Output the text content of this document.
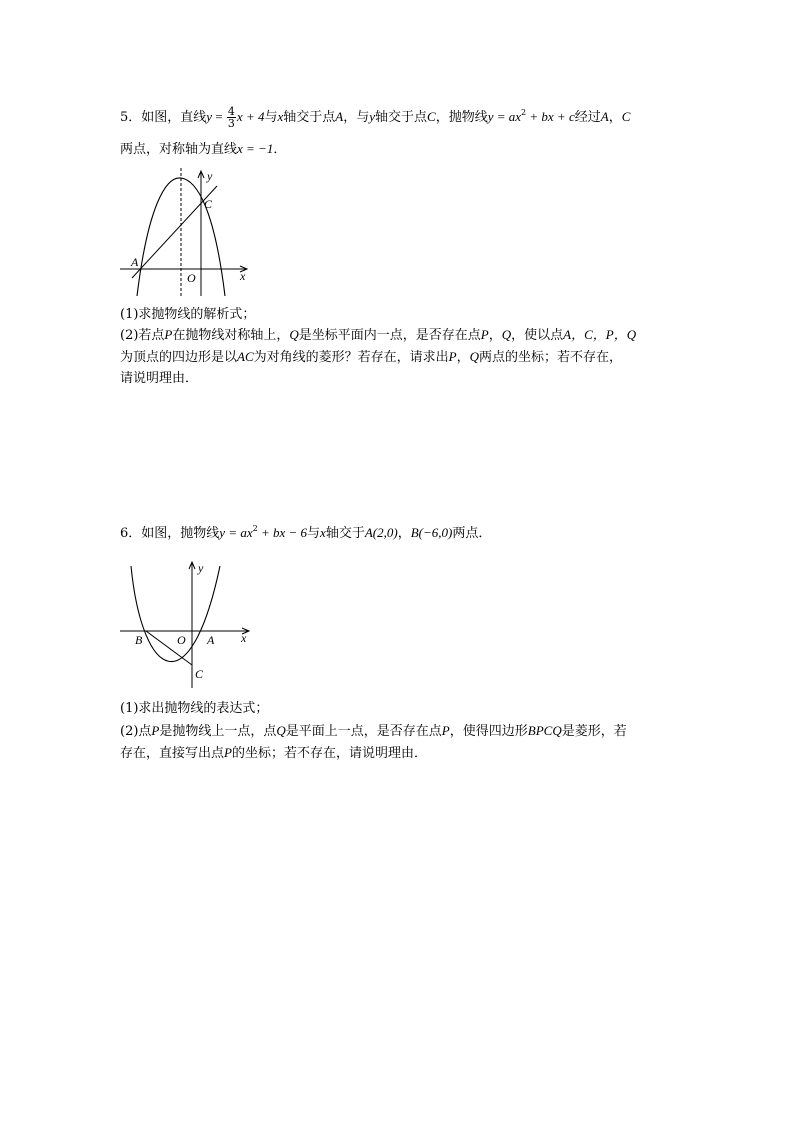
5．如图，直线$y = \frac{4}{3}$ x + 4与x轴交于点A，与y轴交于点C，抛物线$y = ax^2$ + bx + c经过A，C
两点，对称轴为直线x = −1．
C
y
A
O	x
(1)求抛物线的解析式；
(2)若点P在抛物线对称轴上，Q是坐标平面内一点，是否存在点P，Q，使以点A，C，P，Q
为顶点的四边形是以AC为对角线的菱形？若存在，请求出P，Q两点的坐标；若不存在，
请说明理由．
6．如图，抛物线$y = ax^2$ + bx − 6与x轴交于A(2,0)，B(−6,0)两点．
y
B	O A x
C
(1)求出抛物线的表达式；
(2)点P是抛物线上一点，点Q是平面上一点，是否存在点P，使得四边形BPCQ是菱形，若
存在，直接写出点P的坐标；若不存在，请说明理由．
